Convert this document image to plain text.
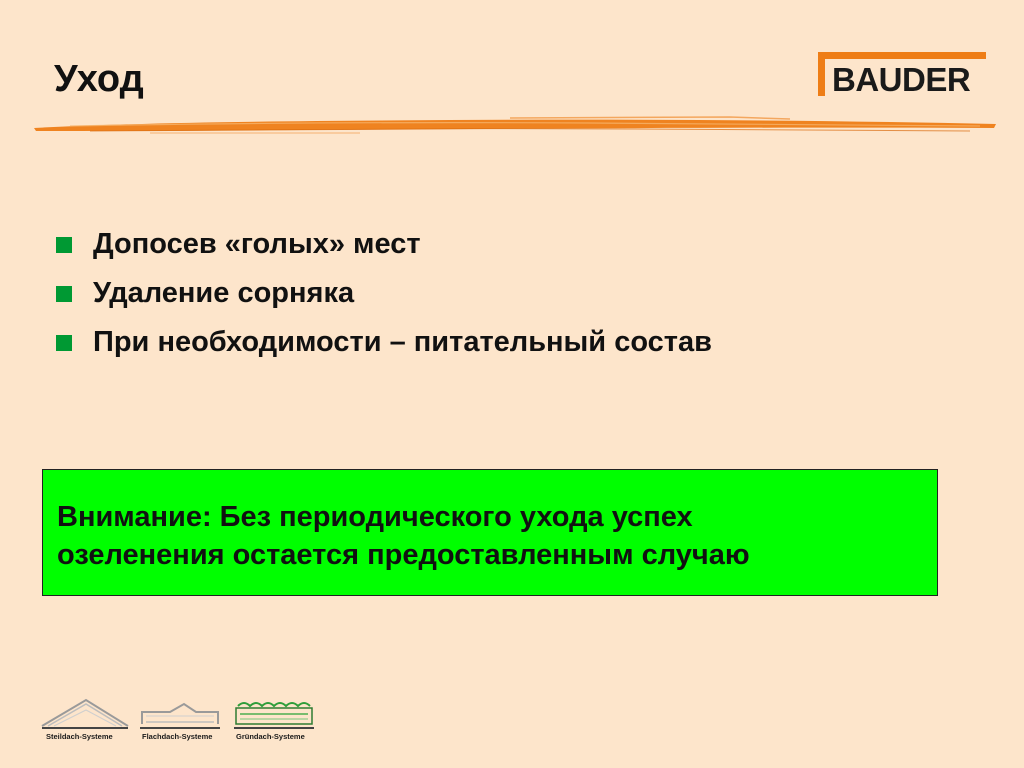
Уход	BAUDER
Допосев «голых» мест
Удаление сорняка
При необходимости – питательный состав

Внимание: Без периодического ухода успех
озеленения остается предоставленным случаю

Steildach-Systeme	Flachdach-Systeme	Gründach-Systeme
